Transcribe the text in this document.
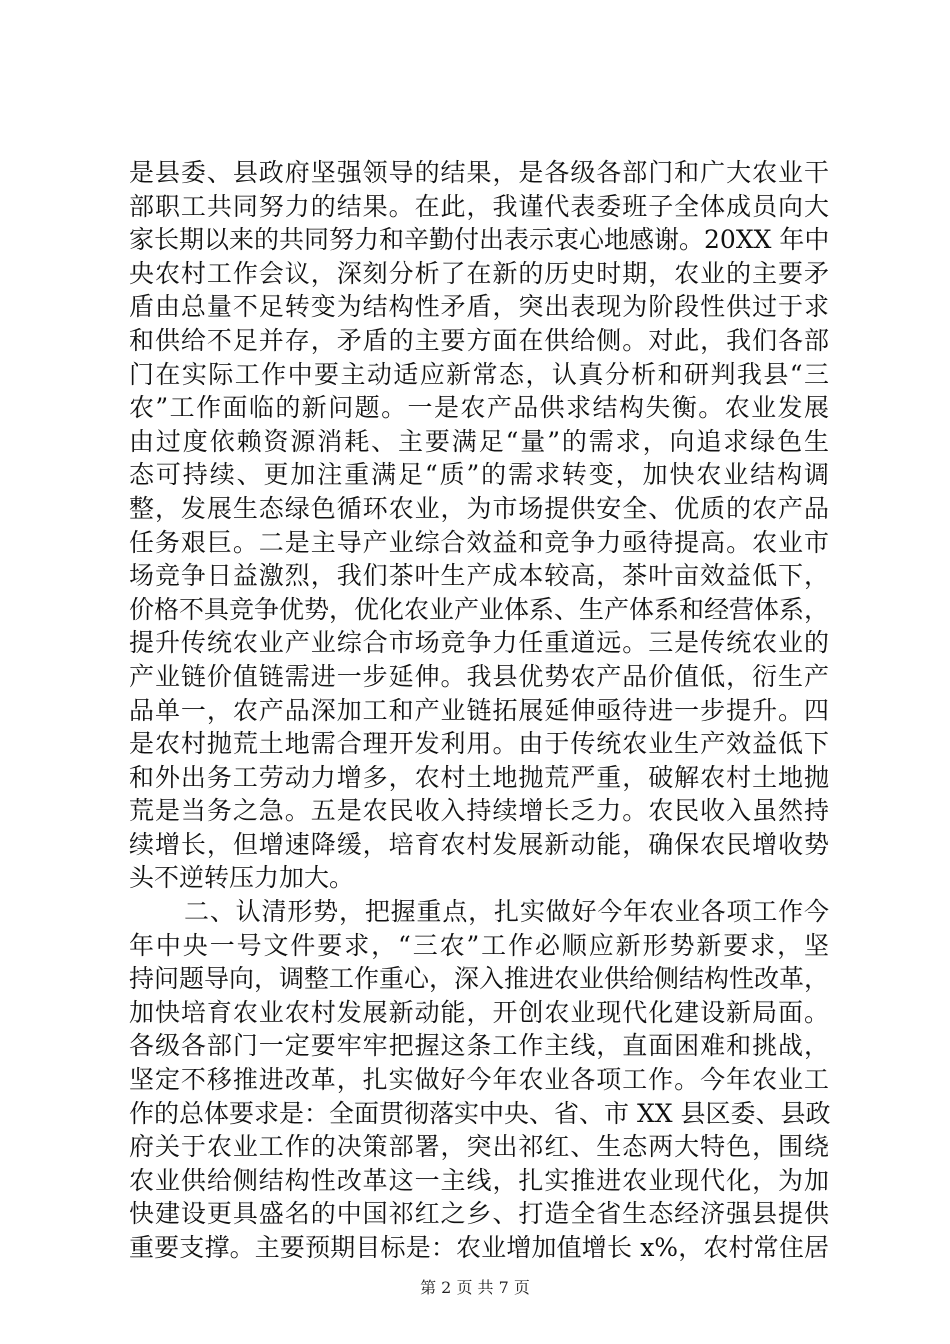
是县委、县政府坚强领导的结果，是各级各部门和广大农业干
部职工共同努力的结果。在此，我谨代表委班子全体成员向大
家长期以来的共同努力和辛勤付出表示衷心地感谢。20XX 年中
央农村工作会议，深刻分析了在新的历史时期，农业的主要矛
盾由总量不足转变为结构性矛盾，突出表现为阶段性供过于求
和供给不足并存，矛盾的主要方面在供给侧。对此，我们各部
门在实际工作中要主动适应新常态，认真分析和研判我县“三
农”工作面临的新问题。一是农产品供求结构失衡。农业发展
由过度依赖资源消耗、主要满足“量”的需求，向追求绿色生
态可持续、更加注重满足“质”的需求转变，加快农业结构调
整，发展生态绿色循环农业，为市场提供安全、优质的农产品
任务艰巨。二是主导产业综合效益和竞争力亟待提高。农业市
场竞争日益激烈，我们茶叶生产成本较高，茶叶亩效益低下，
价格不具竞争优势，优化农业产业体系、生产体系和经营体系，
提升传统农业产业综合市场竞争力任重道远。三是传统农业的
产业链价值链需进一步延伸。我县优势农产品价值低，衍生产
品单一，农产品深加工和产业链拓展延伸亟待进一步提升。四
是农村抛荒土地需合理开发利用。由于传统农业生产效益低下
和外出务工劳动力增多，农村土地抛荒严重，破解农村土地抛
荒是当务之急。五是农民收入持续增长乏力。农民收入虽然持
续增长，但增速降缓，培育农村发展新动能，确保农民增收势
头不逆转压力加大。
二、认清形势，把握重点，扎实做好今年农业各项工作今
年中央一号文件要求，“三农”工作必顺应新形势新要求，坚
持问题导向，调整工作重心，深入推进农业供给侧结构性改革，
加快培育农业农村发展新动能，开创农业现代化建设新局面。
各级各部门一定要牢牢把握这条工作主线，直面困难和挑战，
坚定不移推进改革，扎实做好今年农业各项工作。今年农业工
作的总体要求是：全面贯彻落实中央、省、市 XX 县区委、县政
府关于农业工作的决策部署，突出祁红、生态两大特色，围绕
农业供给侧结构性改革这一主线，扎实推进农业现代化，为加
快建设更具盛名的中国祁红之乡、打造全省生态经济强县提供
重要支撑。主要预期目标是：农业增加值增长 x%，农村常住居
第 2 页 共 7 页
